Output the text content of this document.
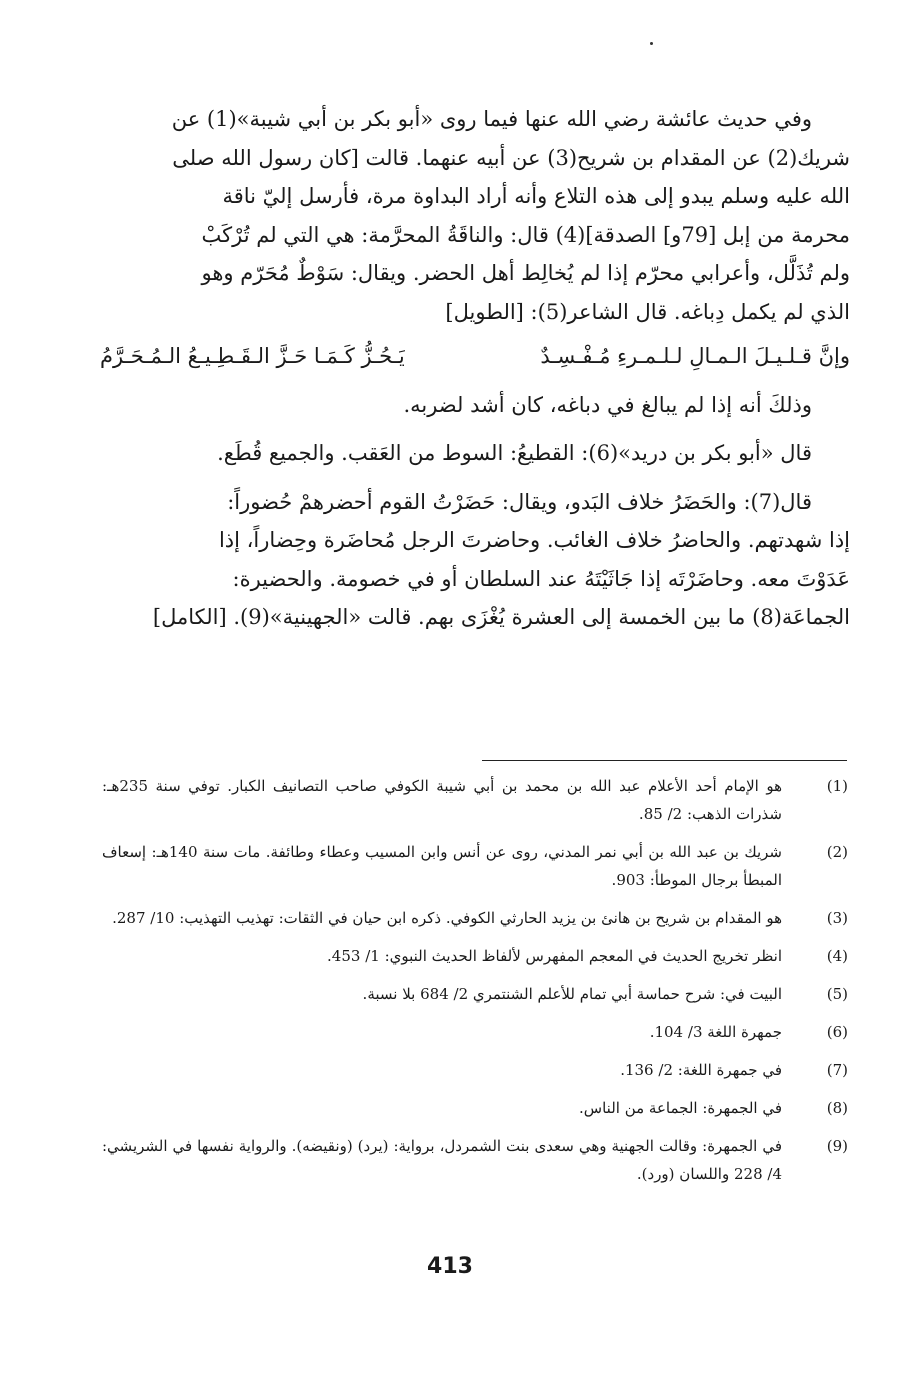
وفي حديث عائشة رضي الله عنها فيما روى «أبو بكر بن أبي شيبة»(1) عن

شريك(2) عن المقدام بن شريح(3) عن أبيه عنهما. قالت [كان رسول الله صلى

الله عليه وسلم يبدو إلى هذه التلاع وأنه أراد البداوة مرة، فأرسل إليّ ناقة

محرمة من إبل [79و] الصدقة](4) قال: والناقَةُ المحرَّمة: هي التي لم تُرْكَبْ

ولم تُذَلَّل، وأعرابي محرّم إذا لم يُخالِط أهل الحضر. ويقال: سَوْطٌ مُحَرّم وهو

الذي لم يكمل دِباغه. قال الشاعر(5): [الطويل]

وإنَّ قـلـيـلَ الـمـالِ لـلـمـرءِ مُـفْـسِـدٌ
يَـحُـزُّ كَـمَـا حَـزَّ الـقَـطِـيـعُ الـمُـحَـرَّمُ

وذلكَ أنه إذا لم يبالغ في دباغه، كان أشد لضربه.

قال «أبو بكر بن دريد»(6): القطيعُ: السوط من العَقب. والجميع قُطَع.

قال(7): والحَضَرُ خلاف البَدو، ويقال: حَضَرْتُ القوم أحضرهمْ حُضوراً:

إذا شهدتهم. والحاضرُ خلاف الغائب. وحاضرتَ الرجل مُحاضَرة وحِضاراً، إذا

عَدَوْتَ معه. وحاضَرْتَه إذا جَاثَيْتَهُ عند السلطان أو في خصومة. والحضيرة:

الجماعَة(8) ما بين الخمسة إلى العشرة يُغْزَى بهم. قالت «الجهينية»(9). [الكامل]

(1)
هو الإمام أحد الأعلام عبد الله بن محمد بن أبي شيبة الكوفي صاحب التصانيف الكبار. توفي سنة 235هـ: شذرات الذهب: 2/ 85.
(2)
شريك بن عبد الله بن أبي نمر المدني، روى عن أنس وابن المسيب وعطاء وطائفة. مات سنة 140هـ: إسعاف المبطأ برجال الموطأ: 903.
(3)
هو المقدام بن شريح بن هانئ بن يزيد الحارثي الكوفي. ذكره ابن حيان في الثقات: تهذيب التهذيب: 10/ 287.
(4)
انظر تخريج الحديث في المعجم المفهرس لألفاظ الحديث النبوي: 1/ 453.
(5)
البيت في: شرح حماسة أبي تمام للأعلم الشنتمري 2/ 684 بلا نسبة.
(6)
جمهرة اللغة 3/ 104.
(7)
في جمهرة اللغة: 2/ 136.
(8)
في الجمهرة: الجماعة من الناس.
(9)
في الجمهرة: وقالت الجهنية وهي سعدى بنت الشمردل، برواية: (يرد) (ونقيضه). والرواية نفسها في الشريشي: 4/ 228 واللسان (ورد).
413
